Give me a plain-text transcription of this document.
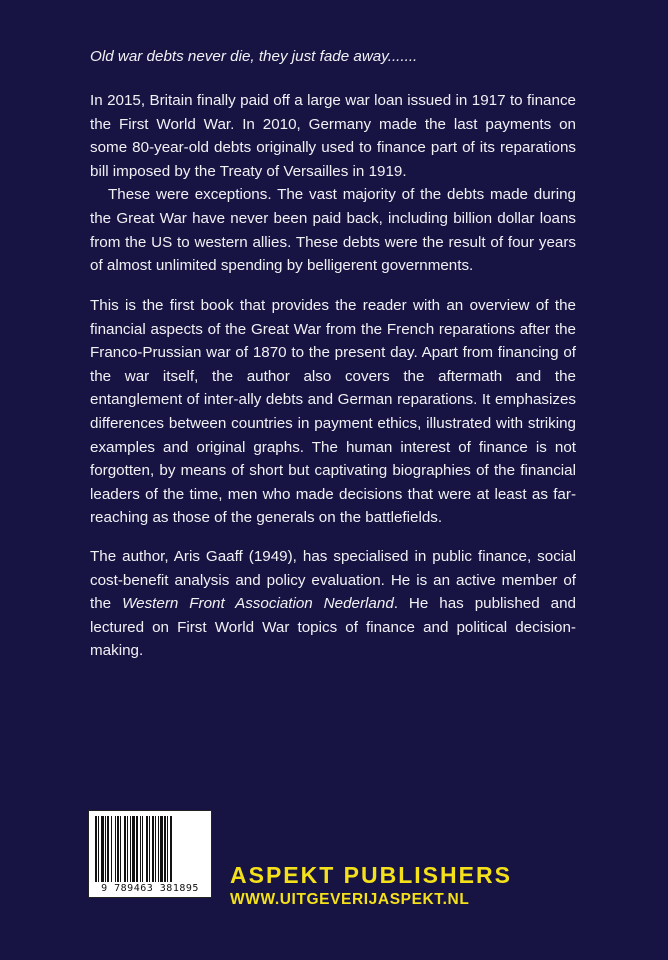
Old war debts never die, they just fade away.......

In 2015, Britain finally paid off a large war loan issued in 1917 to finance the First World War. In 2010, Germany made the last payments on some 80-year-old debts originally used to finance part of its reparations bill imposed by the Treaty of Versailles in 1919.

These were exceptions. The vast majority of the debts made during the Great War have never been paid back, including billion dollar loans from the US to western allies. These debts were the result of four years of almost unlimited spending by belligerent governments.

This is the first book that provides the reader with an overview of the financial aspects of the Great War from the French reparations after the Franco-Prussian war of 1870 to the present day. Apart from financing of the war itself, the author also covers the aftermath and the entanglement of inter-ally debts and German reparations. It emphasizes differences between countries in payment ethics, illustrated with striking examples and original graphs. The human interest of finance is not forgotten, by means of short but captivating biographies of the financial leaders of the time, men who made decisions that were at least as far-reaching as those of the generals on the battlefields.

The author, Aris Gaaff (1949), has specialised in public finance, social cost-benefit analysis and policy evaluation. He is an active member of the Western Front Association Nederland. He has published and lectured on First World War topics of finance and political decision-making.

9 789463 381895
ASPEKT PUBLISHERS
WWW.UITGEVERIJASPEKT.NL
